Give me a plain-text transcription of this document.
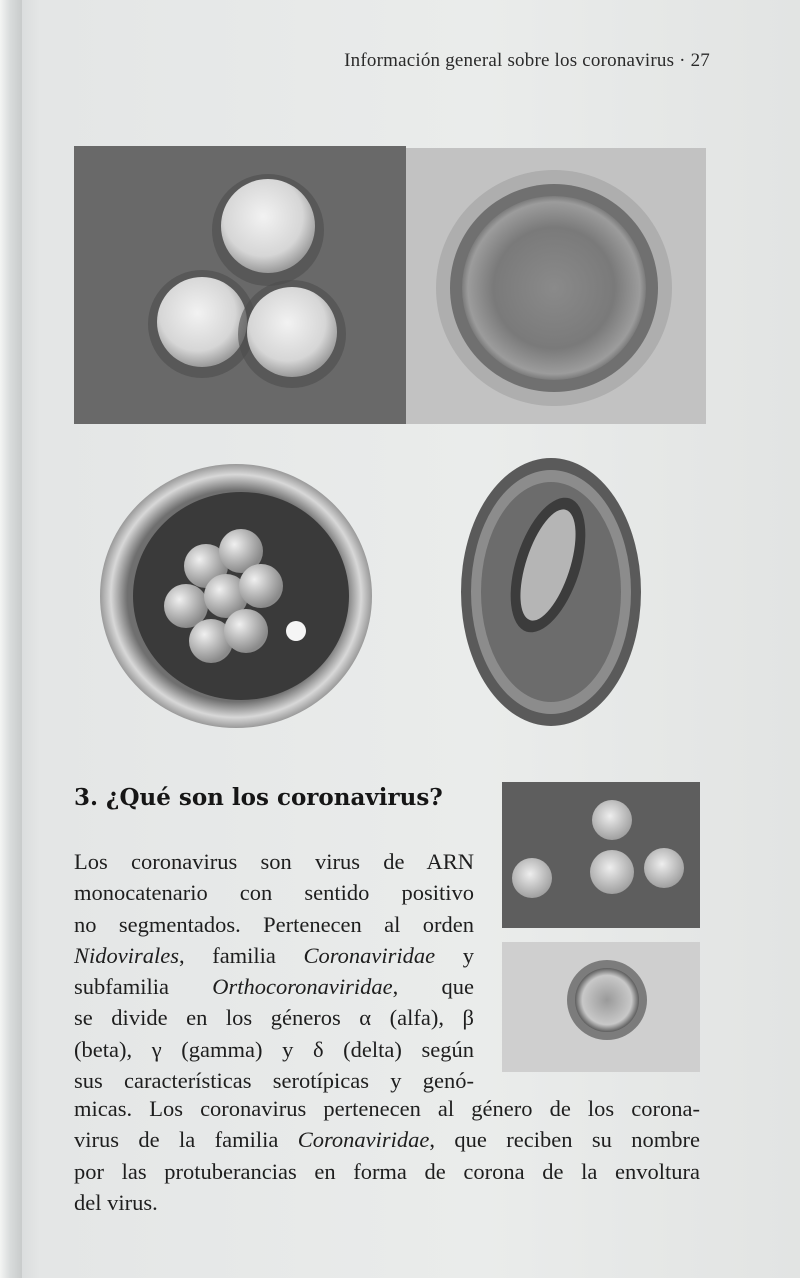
Información general sobre los coronavirus · 27
3. ¿Qué son los coronavirus?
Los coronavirus son virus de ARN
monocatenario con sentido positivo
no segmentados. Pertenecen al orden
Nidovirales, familia Coronaviridae y
subfamilia Orthocoronaviridae, que
se divide en los géneros α (alfa), β
(beta), γ (gamma) y δ (delta) según
sus características serotípicas y genó-
micas. Los coronavirus pertenecen al género de los corona-
virus de la familia Coronaviridae, que reciben su nombre
por las protuberancias en forma de corona de la envoltura
del virus.
